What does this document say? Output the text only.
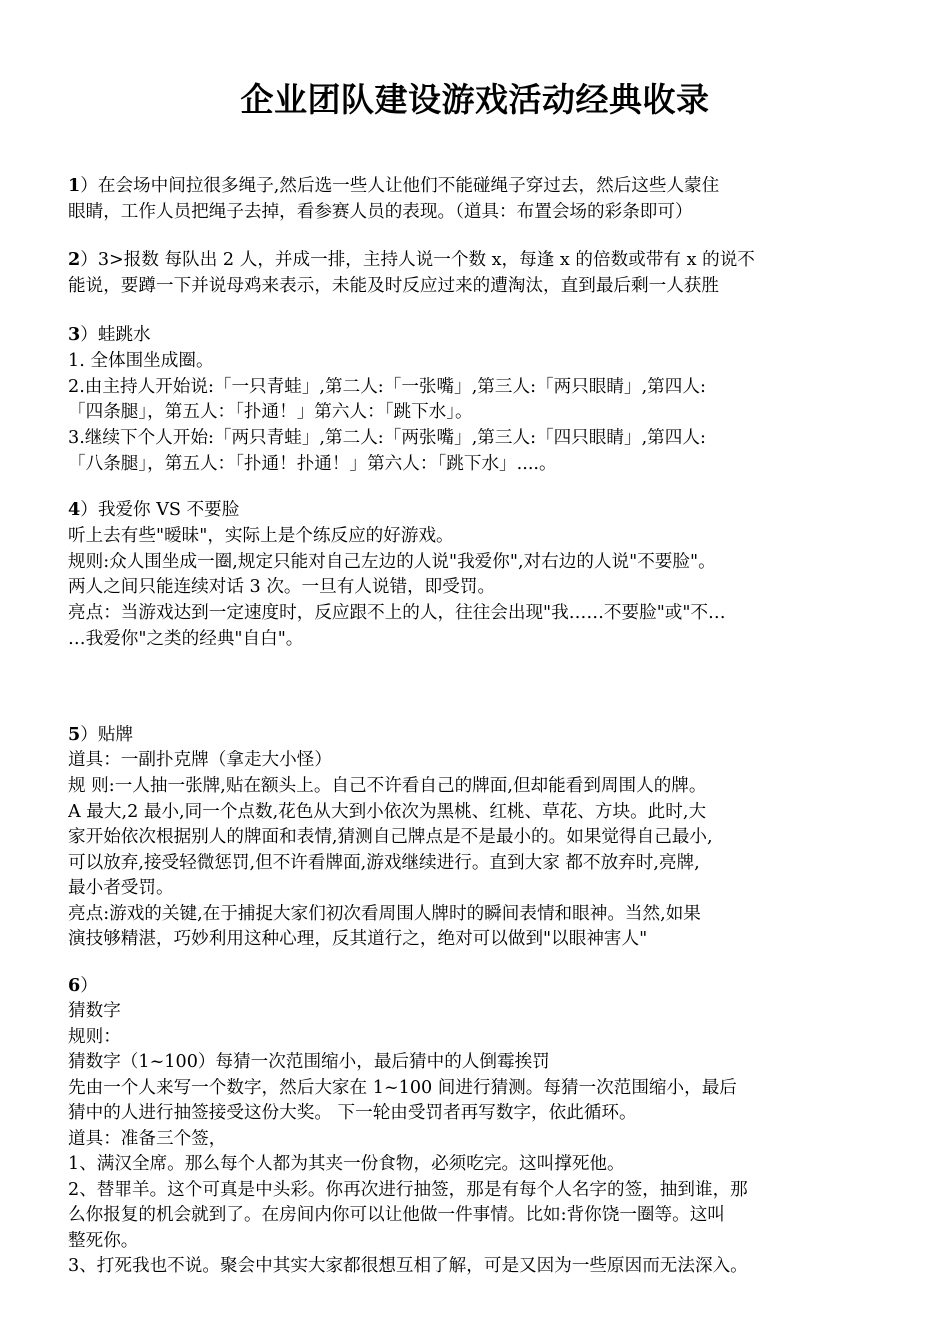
企业团队建设游戏活动经典收录

1）在会场中间拉很多绳子,然后选一些人让他们不能碰绳子穿过去，然后这些人蒙住

眼睛，工作人员把绳子去掉，看参赛人员的表现。（道具：布置会场的彩条即可）

2）3>报数 每队出 2 人，并成一排，主持人说一个数 x，每逢 x 的倍数或带有 x 的说不

能说，要蹲一下并说母鸡来表示，未能及时反应过来的遭淘汰，直到最后剩一人获胜

3）蛙跳水

1. 全体围坐成圈。

2.由主持人开始说:「一只青蛙」,第二人:「一张嘴」,第三人:「两只眼睛」,第四人:

「四条腿」，第五人：「扑通！」第六人：「跳下水」。

3.继续下个人开始:「两只青蛙」,第二人:「两张嘴」,第三人:「四只眼睛」,第四人:

「八条腿」，第五人：「扑通！扑通！」第六人：「跳下水」....。

4）我爱你 VS 不要脸

听上去有些"暧昧"，实际上是个练反应的好游戏。

规则:众人围坐成一圈,规定只能对自己左边的人说"我爱你",对右边的人说"不要脸"。

两人之间只能连续对话 3 次。一旦有人说错，即受罚。

亮点：当游戏达到一定速度时，反应跟不上的人，往往会出现"我……不要脸"或"不…

…我爱你"之类的经典"自白"。

5）贴牌

道具：一副扑克牌（拿走大小怪）

规 则:一人抽一张牌,贴在额头上。自己不许看自己的牌面,但却能看到周围人的牌。

A 最大,2 最小,同一个点数,花色从大到小依次为黑桃、红桃、草花、方块。此时,大

家开始依次根据别人的牌面和表情,猜测自己牌点是不是最小的。如果觉得自己最小,

可以放弃,接受轻微惩罚,但不许看牌面,游戏继续进行。直到大家 都不放弃时,亮牌,

最小者受罚。

亮点:游戏的关键,在于捕捉大家们初次看周围人牌时的瞬间表情和眼神。当然,如果

演技够精湛，巧妙利用这种心理，反其道行之，绝对可以做到"以眼神害人"

6）

猜数字

规则：

猜数字（1~100）每猜一次范围缩小，最后猜中的人倒霉挨罚

先由一个人来写一个数字，然后大家在 1~100 间进行猜测。每猜一次范围缩小，最后

猜中的人进行抽签接受这份大奖。 下一轮由受罚者再写数字，依此循环。

道具：准备三个签，

1、满汉全席。那么每个人都为其夹一份食物，必须吃完。这叫撑死他。

2、替罪羊。这个可真是中头彩。你再次进行抽签，那是有每个人名字的签，抽到谁，那

么你报复的机会就到了。在房间内你可以让他做一件事情。比如:背你饶一圈等。这叫

整死你。

3、打死我也不说。聚会中其实大家都很想互相了解，可是又因为一些原因而无法深入。
